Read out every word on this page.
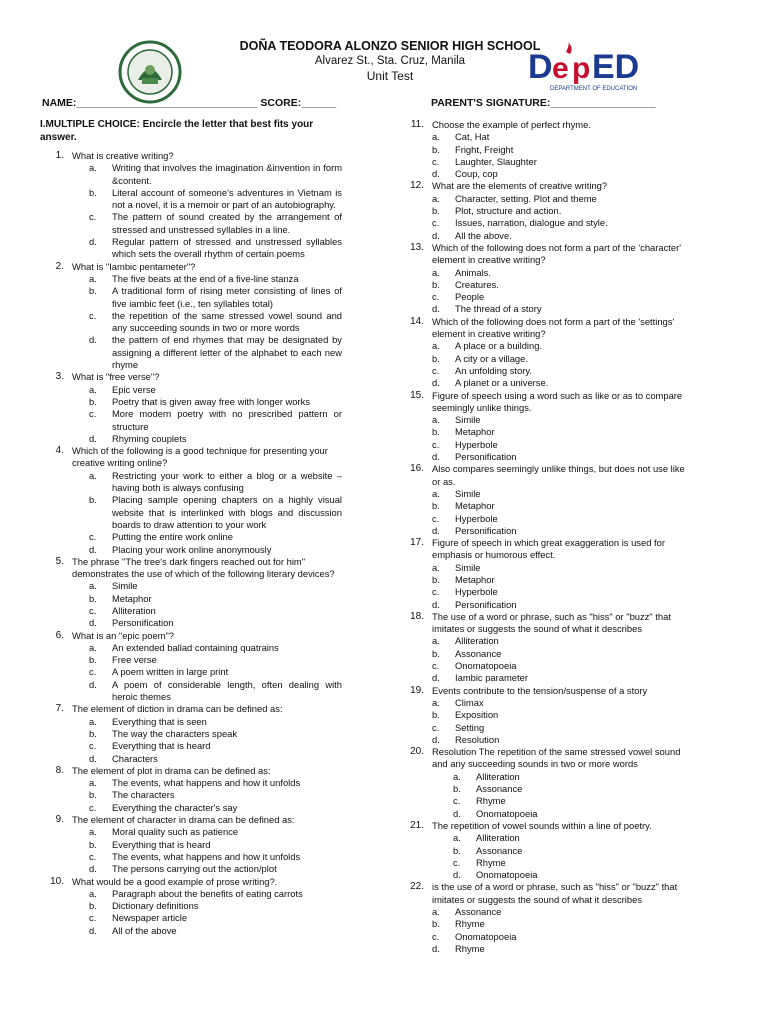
DOÑA TEODORA ALONZO SENIOR HIGH SCHOOL
Alvarez St., Sta. Cruz, Manila
Unit Test	D e p ED
DEPARTMENT OF EDUCATION
NAME:_______________________________ SCORE:______	PARENT'S SIGNATURE:__________________
I.MULTIPLE CHOICE: Encircle the letter that best fits your answer.
1. What is creative writing?
a.	Writing that involves the imagination &invention in form &content.
b.	Literal account of someone's adventures in Vietnam is not a novel, it is a memoir or part of an autobiography.
c.	The pattern of sound created by the arrangement of stressed and unstressed syllables in a line.
d.	Regular pattern of stressed and unstressed syllables which sets the overall rhythm of certain poems
2. What is "Iambic pentameter"?
a.	The five beats at the end of a five-line stanza
b.	A traditional form of rising meter consisting of lines of five iambic feet (i.e., ten syllables total)
c.	the repetition of the same stressed vowel sound and any succeeding sounds in two or more words
d.	the pattern of end rhymes that may be designated by assigning a different letter of the alphabet to each new rhyme
3. What is "free verse"?
a.	Epic verse
b.	Poetry that is given away free with longer works
c.	More modern poetry with no prescribed pattern or structure
d.	Rhyming couplets
4. Which of the following is a good technique for presenting your creative writing online?
a.	Restricting your work to either a blog or a website – having both is always confusing
b.	Placing sample opening chapters on a highly visual website that is interlinked with blogs and discussion boards to draw attention to your work
c.	Putting the entire work online
d.	Placing your work online anonymously
5. The phrase "The tree's dark fingers reached out for him" demonstrates the use of which of the following literary devices?
a.	Simile
b.	Metaphor
c.	Alliteration
d.	Personification
6. What is an "epic poem"?
a.	An extended ballad containing quatrains
b.	Free verse
c.	A poem written in large print
d.	A poem of considerable length, often dealing with heroic themes
7. The element of diction in drama can be defined as:
a.	Everything that is seen
b.	The way the characters speak
c.	Everything that is heard
d.	Characters
8. The element of plot in drama can be defined as:
a.	The events, what happens and how it unfolds
b.	The characters
c.	Everything the character's say
9. The element of character in drama can be defined as:
a.	Moral quality such as patience
b.	Everything that is heard
c.	The events, what happens and how it unfolds
d.	The persons carrying out the action/plot
10. What would be a good example of prose writing?.
a.	Paragraph about the benefits of eating carrots
b.	Dictionary definitions
c.	Newspaper article
d.	All of the above
11. Choose the example of perfect rhyme.
a.	Cat, Hat
b.	Fright, Freight
c.	Laughter, Slaughter
d.	Coup, cop
12. What are the elements of creative writing?
a.	Character, setting. Plot and theme
b.	Plot, structure and action.
c.	Issues, narration, dialogue and style.
d.	All the above.
13. Which of the following does not form a part of the 'character' element in creative writing?
a.	Animals.
b.	Creatures.
c.	People
d.	The thread of a story
14. Which of the following does not form a part of the 'settings' element in creative writing?
a.	A place or a building.
b.	A city or a village.
c.	An unfolding story.
d.	A planet or a universe.
15. Figure of speech using a word such as like or as to compare seemingly unlike things.
a.	Simile
b.	Metaphor
c.	Hyperbole
d.	Personification
16. Also compares seemingly unlike things, but does not use like or as.
a.	Simile
b.	Metaphor
c.	Hyperbole
d.	Personification
17. Figure of speech in which great exaggeration is used for emphasis or humorous effect.
a.	Simile
b.	Metaphor
c.	Hyperbole
d.	Personification
18. The use of a word or phrase, such as "hiss" or "buzz" that imitates or suggests the sound of what it describes
a.	Alliteration
b.	Assonance
c.	Onomatopoeia
d.	Iambic parameter
19. Events contribute to the tension/suspense of a story
a.	Climax
b.	Exposition
c.	Setting
d.	Resolution
20. Resolution The repetition of the same stressed vowel sound and any succeeding sounds in two or more words
a.	Alliteration
b.	Assonance
c.	Rhyme
d.	Onomatopoeia
21. The repetition of vowel sounds within a line of poetry.
a.	Alliteration
b.	Assonance
c.	Rhyme
d.	Onomatopoeia
22. is the use of a word or phrase, such as "hiss" or "buzz" that imitates or suggests the sound of what it describes
a.	Assonance
b.	Rhyme
c.	Onomatopoeia
d.	Rhyme
